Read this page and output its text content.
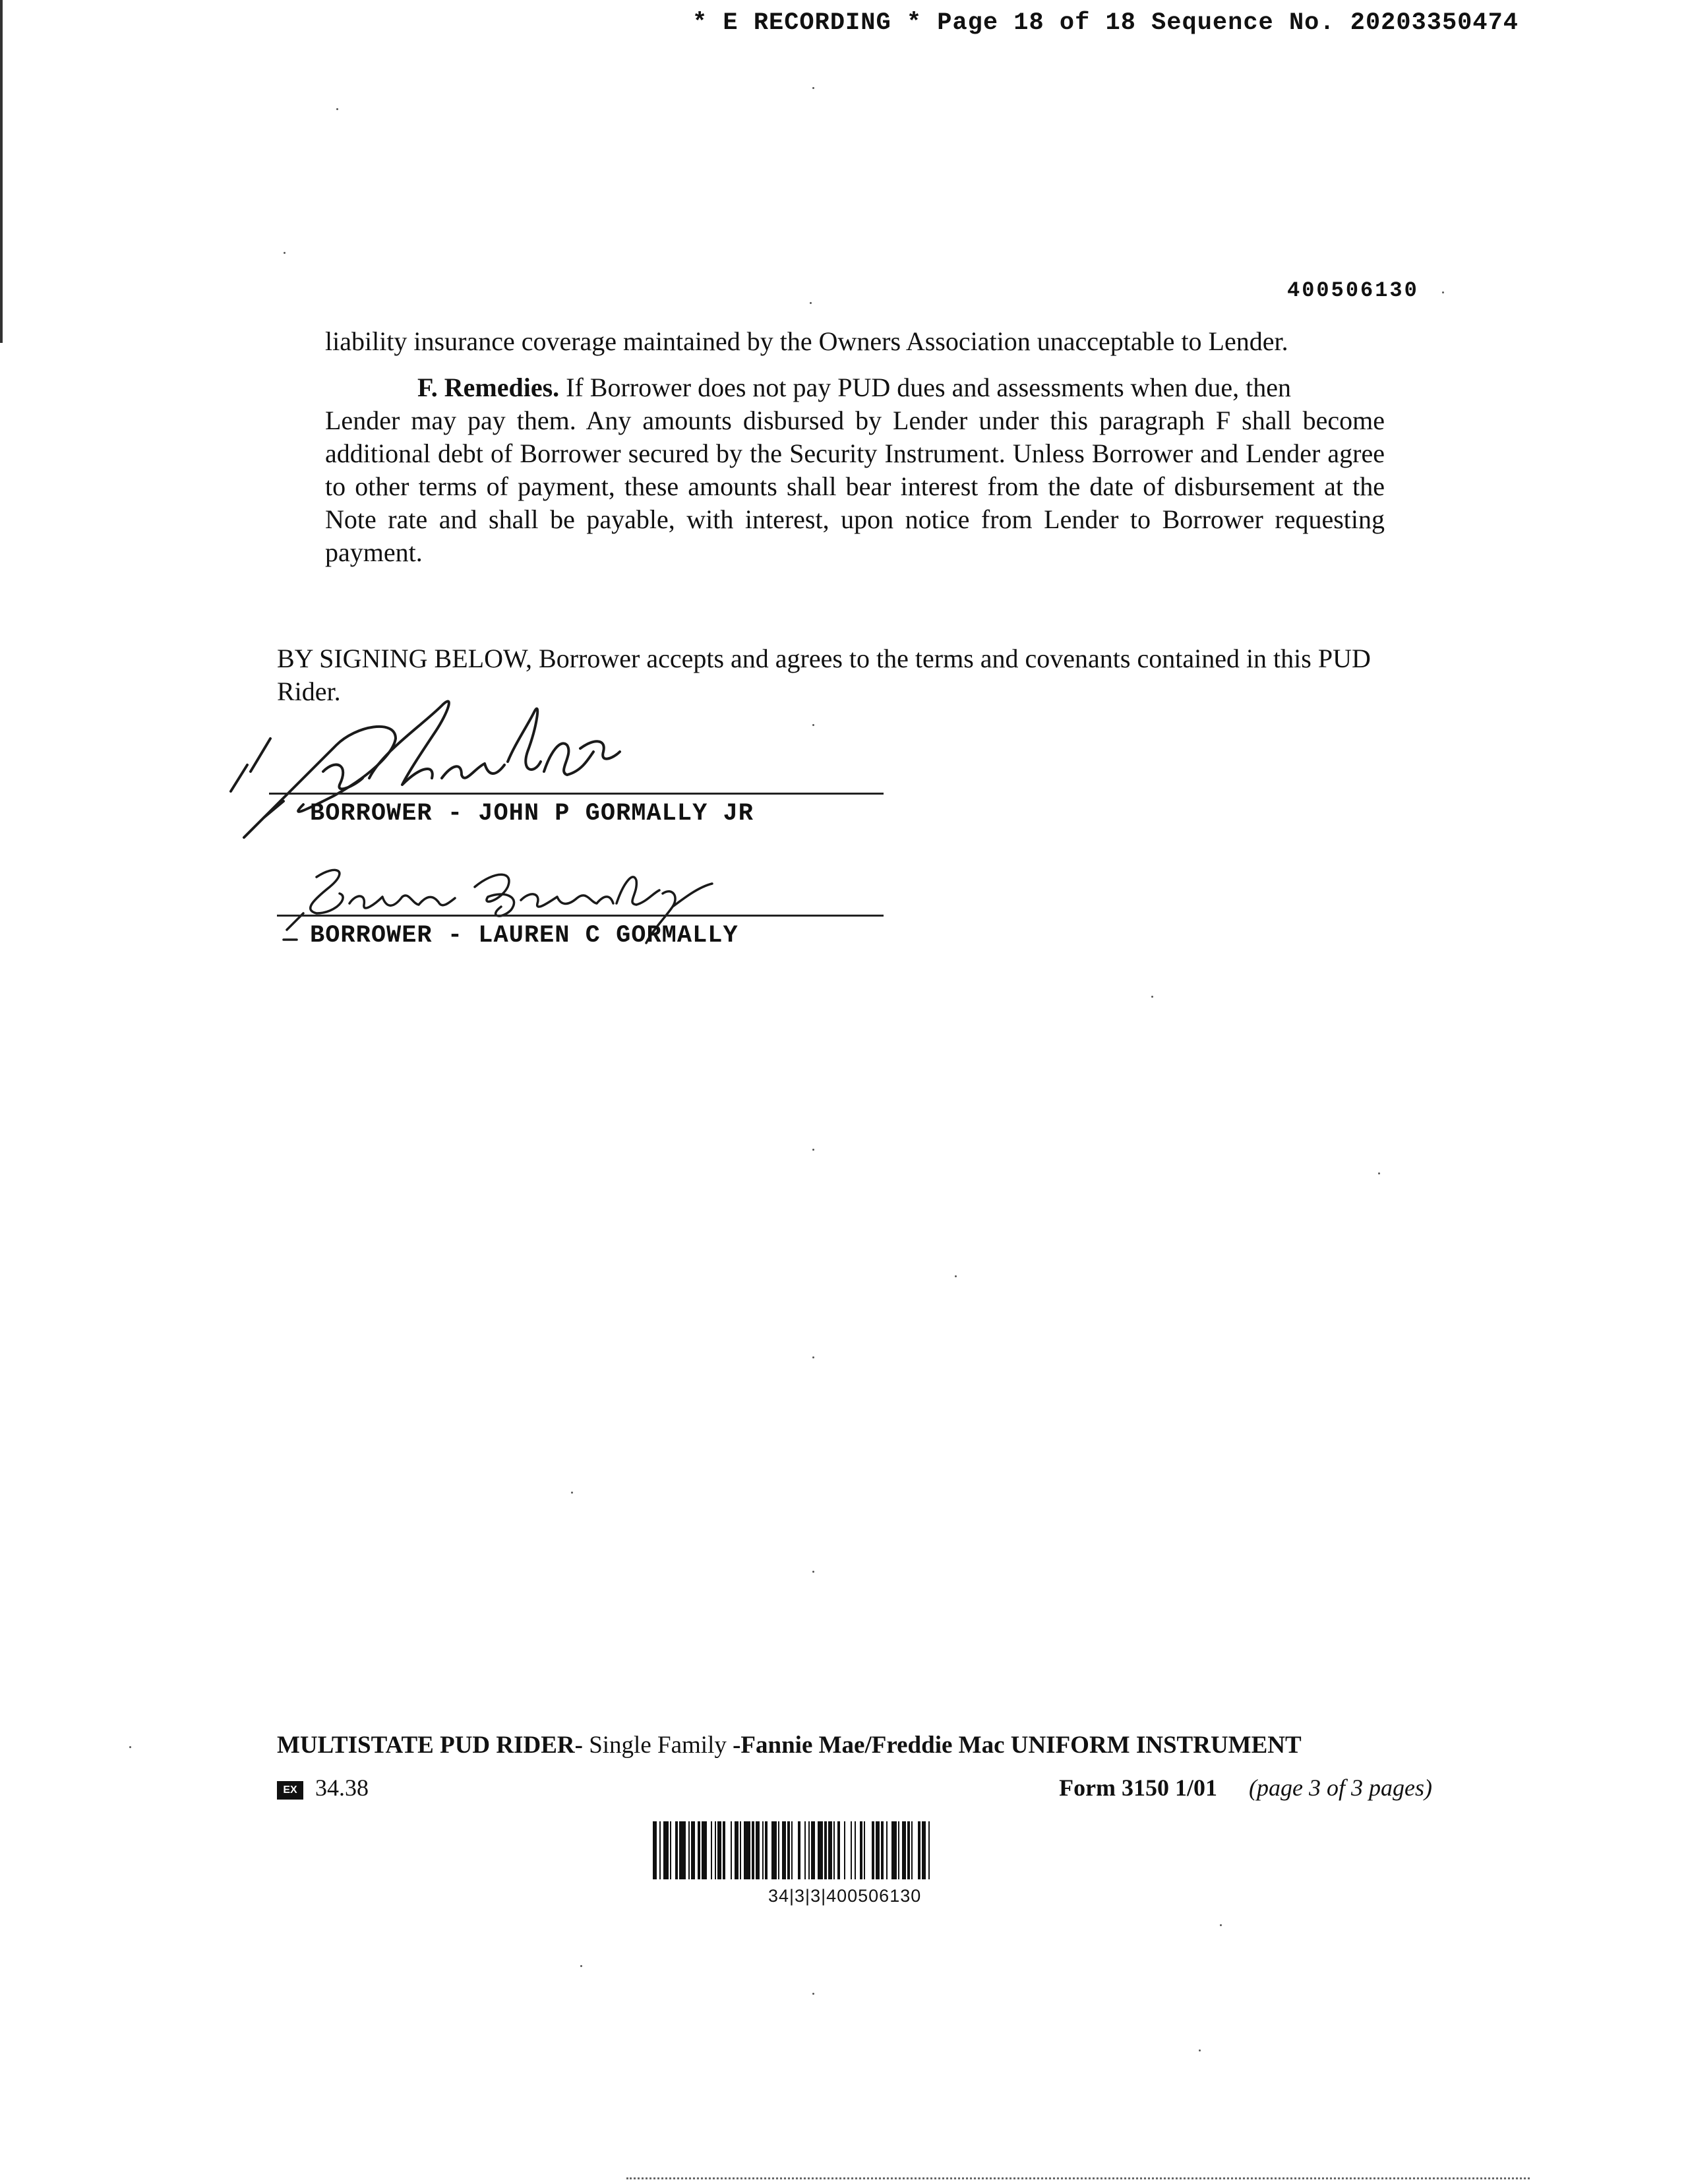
* E RECORDING * Page 18 of 18 Sequence No. 20203350474
400506130
liability insurance coverage maintained by the Owners Association unacceptable to Lender.
F. Remedies. If Borrower does not pay PUD dues and assessments when due, then
Lender may pay them. Any amounts disbursed by Lender under this paragraph F shall become additional debt of Borrower secured by the Security Instrument. Unless Borrower and Lender agree to other terms of payment, these amounts shall bear interest from the date of disbursement at the Note rate and shall be payable, with interest, upon notice from Lender to Borrower requesting payment.
BY SIGNING BELOW, Borrower accepts and agrees to the terms and covenants contained in this PUD Rider.
BORROWER - JOHN P GORMALLY JR
BORROWER - LAUREN C GORMALLY
MULTISTATE PUD RIDER- Single Family -Fannie Mae/Freddie Mac UNIFORM INSTRUMENT
EX 34.38	Form 3150 1/01 (page 3 of 3 pages)
34|3|3|400506130
